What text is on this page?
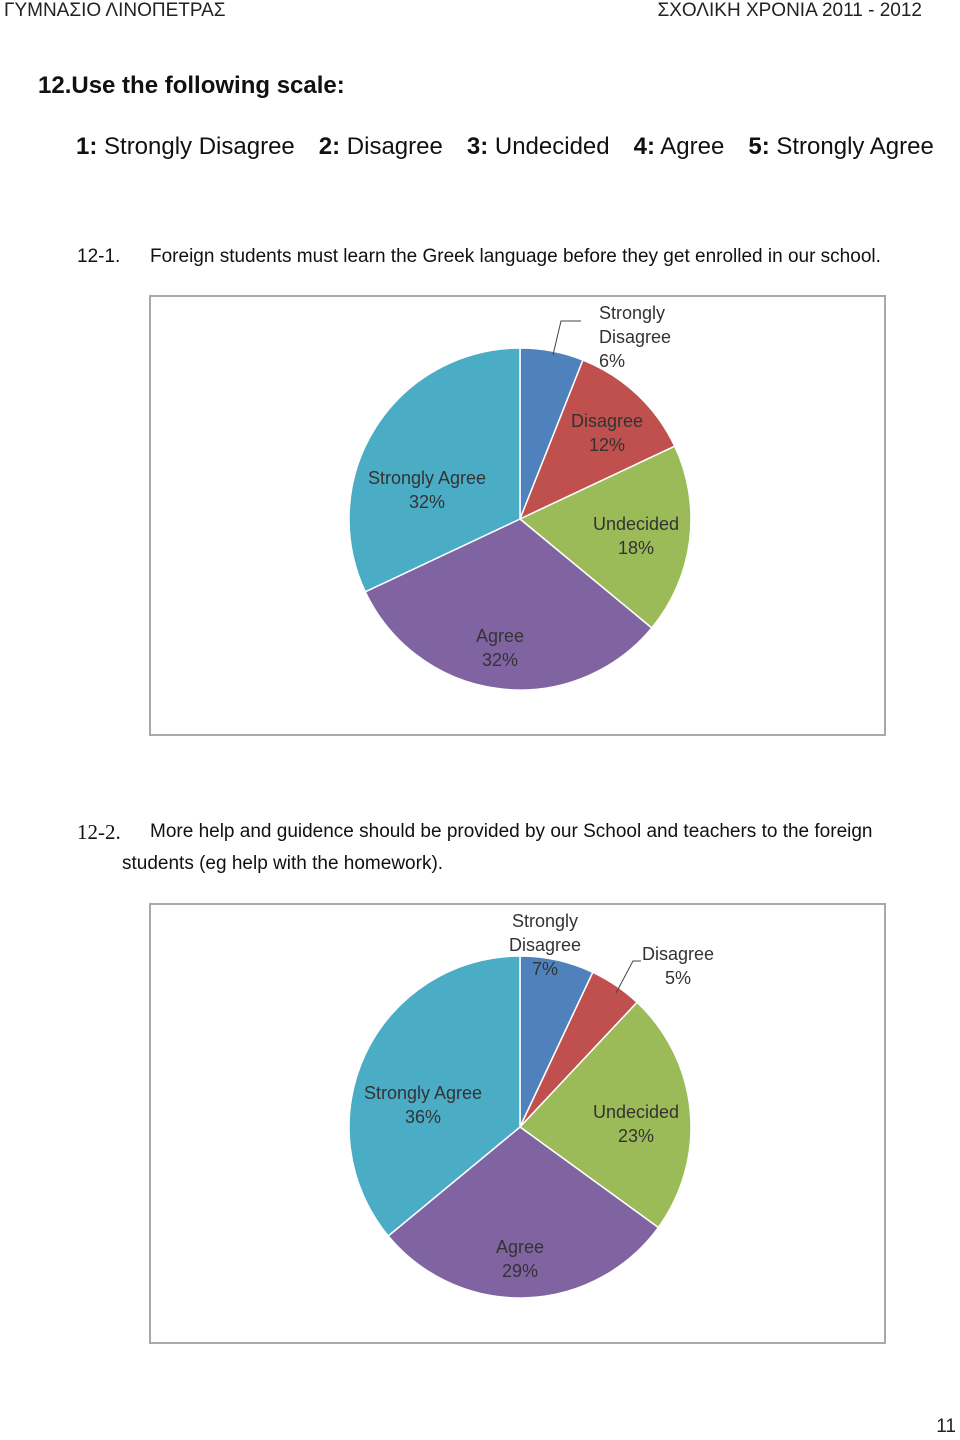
ΓΥΜΝΑΣΙΟ ΛΙΝΟΠΕΤΡΑΣ	ΣΧΟΛΙΚΗ ΧΡΟΝΙΑ 2011 - 2012
12.Use the following scale:
1: Strongly Disagree 2: Disagree 3: Undecided 4: Agree 5: Strongly Agree
12-1. Foreign students must learn the Greek language before they get enrolled in our school.
Strongly Disagree 6%
Disagree 12%
Undecided 18%
Agree 32%
Strongly Agree 32%
12-2. More help and guidence should be provided by our School and teachers to the foreign
students (eg help with the homework).
Strongly Disagree 7%
Disagree 5%
Undecided 23%
Agree 29%
Strongly Agree 36%
11
